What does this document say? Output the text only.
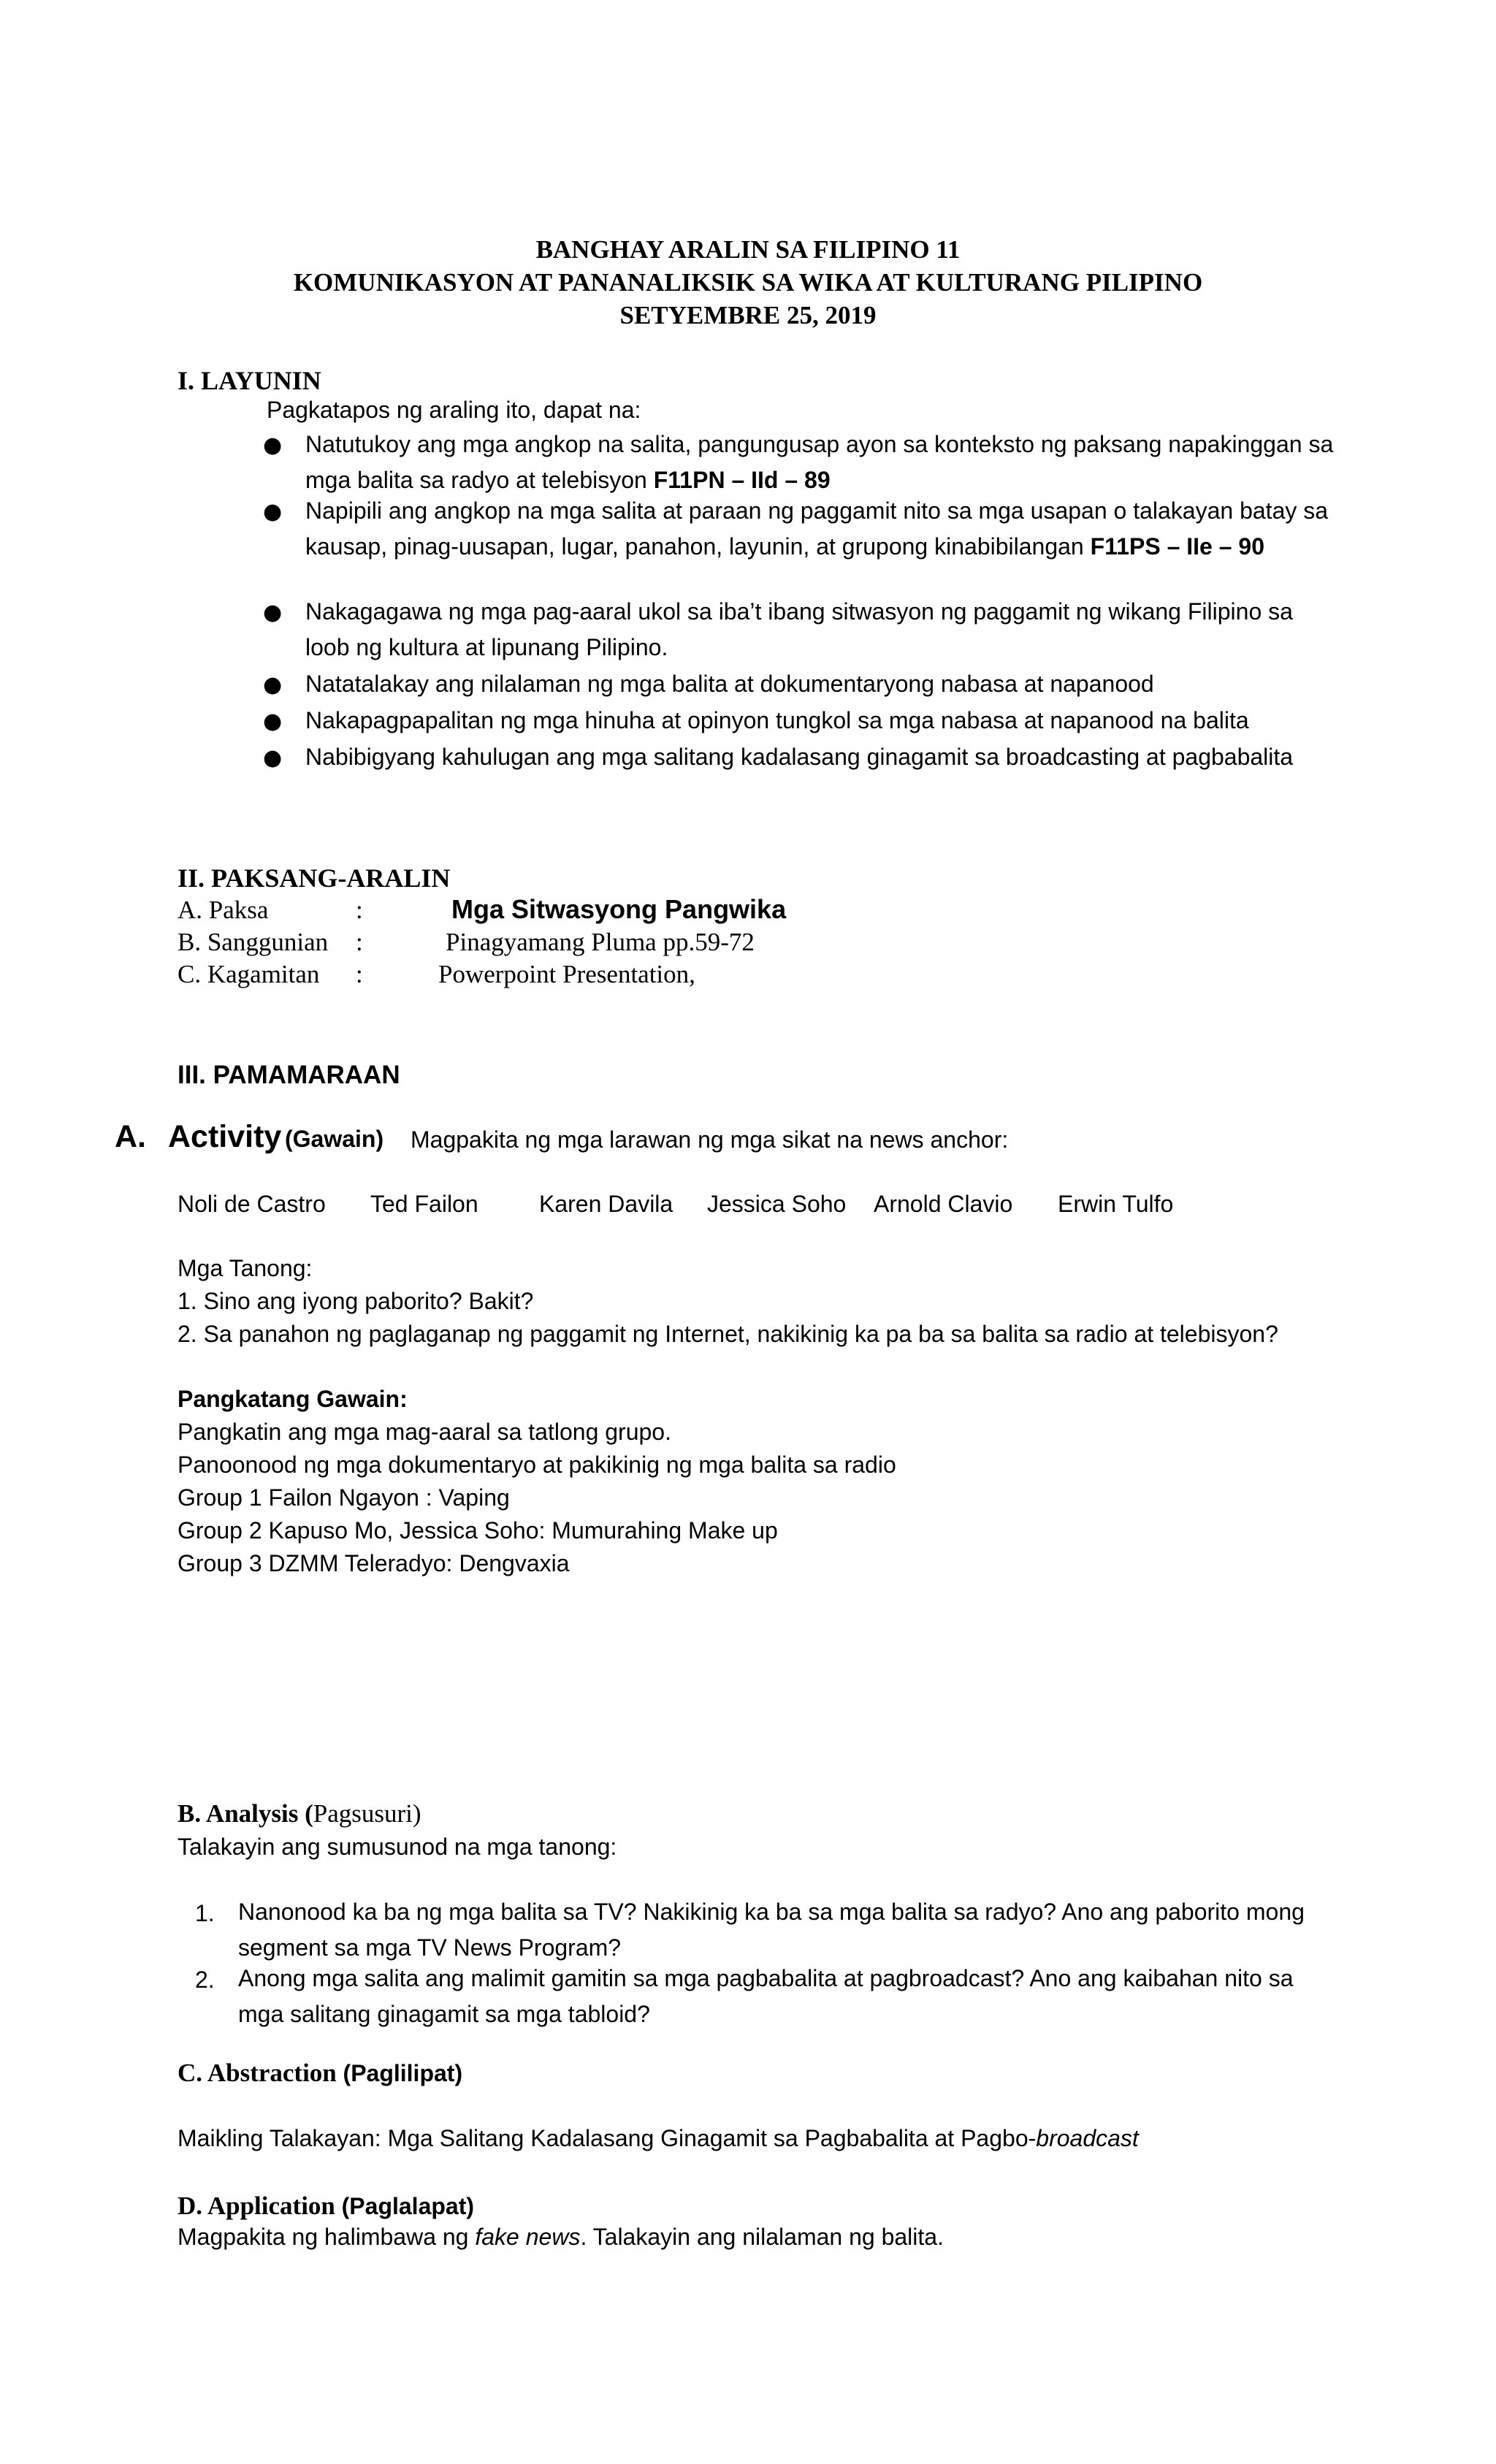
BANGHAY ARALIN SA FILIPINO 11
KOMUNIKASYON AT PANANALIKSIK SA WIKA AT KULTURANG PILIPINO
SETYEMBRE 25, 2019
I. LAYUNIN
Pagkatapos ng araling ito, dapat na:
● Natutukoy ang mga angkop na salita, pangungusap ayon sa konteksto ng paksang napakinggan sa mga balita sa radyo at telebisyon F11PN – IId – 89
● Napipili ang angkop na mga salita at paraan ng paggamit nito sa mga usapan o talakayan batay sa kausap, pinag-uusapan, lugar, panahon, layunin, at grupong kinabibilangan F11PS – IIe – 90
● Nakagagawa ng mga pag-aaral ukol sa iba’t ibang sitwasyon ng paggamit ng wikang Filipino sa loob ng kultura at lipunang Pilipino.
● Natatalakay ang nilalaman ng mga balita at dokumentaryong nabasa at napanood
● Nakapagpapalitan ng mga hinuha at opinyon tungkol sa mga nabasa at napanood na balita
● Nabibigyang kahulugan ang mga salitang kadalasang ginagamit sa broadcasting at pagbabalita
II. PAKSANG-ARALIN
A. Paksa	:	Mga Sitwasyong Pangwika
B. Sanggunian :	Pinagyamang Pluma pp.59-72
C. Kagamitan :	Powerpoint Presentation,
III. PAMAMARAAN
A. Activity (Gawain) Magpakita ng mga larawan ng mga sikat na news anchor:
Noli de Castro Ted Failon	Karen Davila Jessica Soho Arnold Clavio Erwin Tulfo
Mga Tanong:
1. Sino ang iyong paborito? Bakit?
2. Sa panahon ng paglaganap ng paggamit ng Internet, nakikinig ka pa ba sa balita sa radio at telebisyon?
Pangkatang Gawain:
Pangkatin ang mga mag-aaral sa tatlong grupo.
Panoonood ng mga dokumentaryo at pakikinig ng mga balita sa radio
Group 1 Failon Ngayon : Vaping
Group 2 Kapuso Mo, Jessica Soho: Mumurahing Make up
Group 3 DZMM Teleradyo: Dengvaxia
B. Analysis (Pagsusuri)
Talakayin ang sumusunod na mga tanong:
1. Nanonood ka ba ng mga balita sa TV? Nakikinig ka ba sa mga balita sa radyo? Ano ang paborito mong segment sa mga TV News Program?
2. Anong mga salita ang malimit gamitin sa mga pagbabalita at pagbroadcast? Ano ang kaibahan nito sa mga salitang ginagamit sa mga tabloid?
C. Abstraction (Paglilipat)
Maikling Talakayan: Mga Salitang Kadalasang Ginagamit sa Pagbabalita at Pagbo-broadcast
D. Application (Paglalapat)
Magpakita ng halimbawa ng fake news. Talakayin ang nilalaman ng balita.
